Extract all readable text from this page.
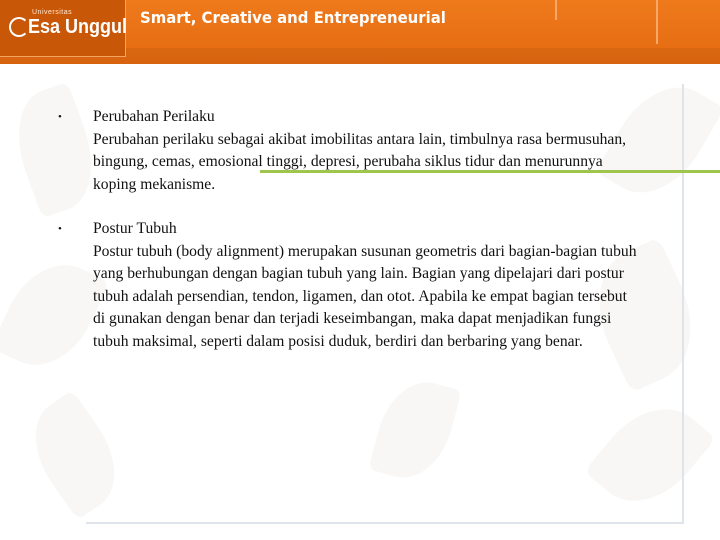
Universitas
Esa Unggul Smart, Creative and Entrepreneurial
•	Perubahan Perilaku

Perubahan perilaku sebagai akibat imobilitas antara lain, timbulnya rasa bermusuhan, bingung, cemas, emosional tinggi, depresi, perubaha siklus tidur dan menurunnya koping mekanisme.

•	Postur Tubuh

Postur tubuh (body alignment) merupakan susunan geometris dari bagian-bagian tubuh yang berhubungan dengan bagian tubuh yang lain. Bagian yang dipelajari dari postur tubuh adalah persendian, tendon, ligamen, dan otot. Apabila ke empat bagian tersebut di gunakan dengan benar dan terjadi keseimbangan, maka dapat menjadikan fungsi tubuh maksimal, seperti dalam posisi duduk, berdiri dan berbaring yang benar.
